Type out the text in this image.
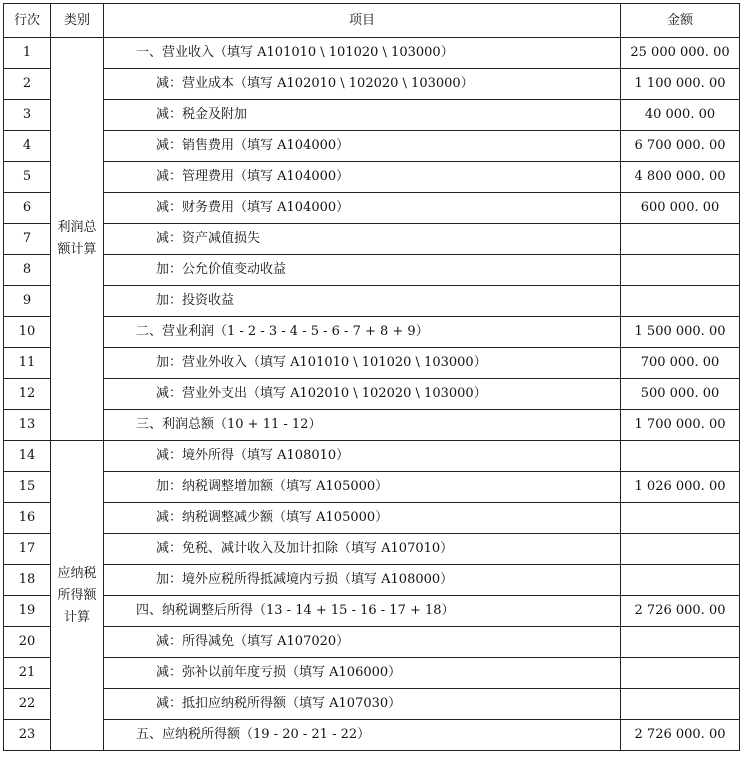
行次	类别	项目	金额
1	利润总额计算	一、营业收入（填写 A101010 \ 101020 \ 103000）	25 000 000. 00
2		减：营业成本（填写 A102010 \ 102020 \ 103000）	1 100 000. 00
3		减：税金及附加	40 000. 00
4		减：销售费用（填写 A104000）	6 700 000. 00
5		减：管理费用（填写 A104000）	4 800 000. 00
6		减：财务费用（填写 A104000）	600 000. 00
7		减：资产减值损失	
8		加：公允价值变动收益	
9		加：投资收益	
10		二、营业利润（1 - 2 - 3 - 4 - 5 - 6 - 7 + 8 + 9）	1 500 000. 00
11		加：营业外收入（填写 A101010 \ 101020 \ 103000）	700 000. 00
12		减：营业外支出（填写 A102010 \ 102020 \ 103000）	500 000. 00
13		三、利润总额（10 + 11 - 12）	1 700 000. 00
14	应纳税所得额计算	减：境外所得（填写 A108010）	
15		加：纳税调整增加额（填写 A105000）	1 026 000. 00
16		减：纳税调整减少额（填写 A105000）	
17		减：免税、减计收入及加计扣除（填写 A107010）	
18		加：境外应税所得抵减境内亏损（填写 A108000）	
19		四、纳税调整后所得（13 - 14 + 15 - 16 - 17 + 18）	2 726 000. 00
20		减：所得减免（填写 A107020）	
21		减：弥补以前年度亏损（填写 A106000）	
22		减：抵扣应纳税所得额（填写 A107030）	
23		五、应纳税所得额（19 - 20 - 21 - 22）	2 726 000. 00
